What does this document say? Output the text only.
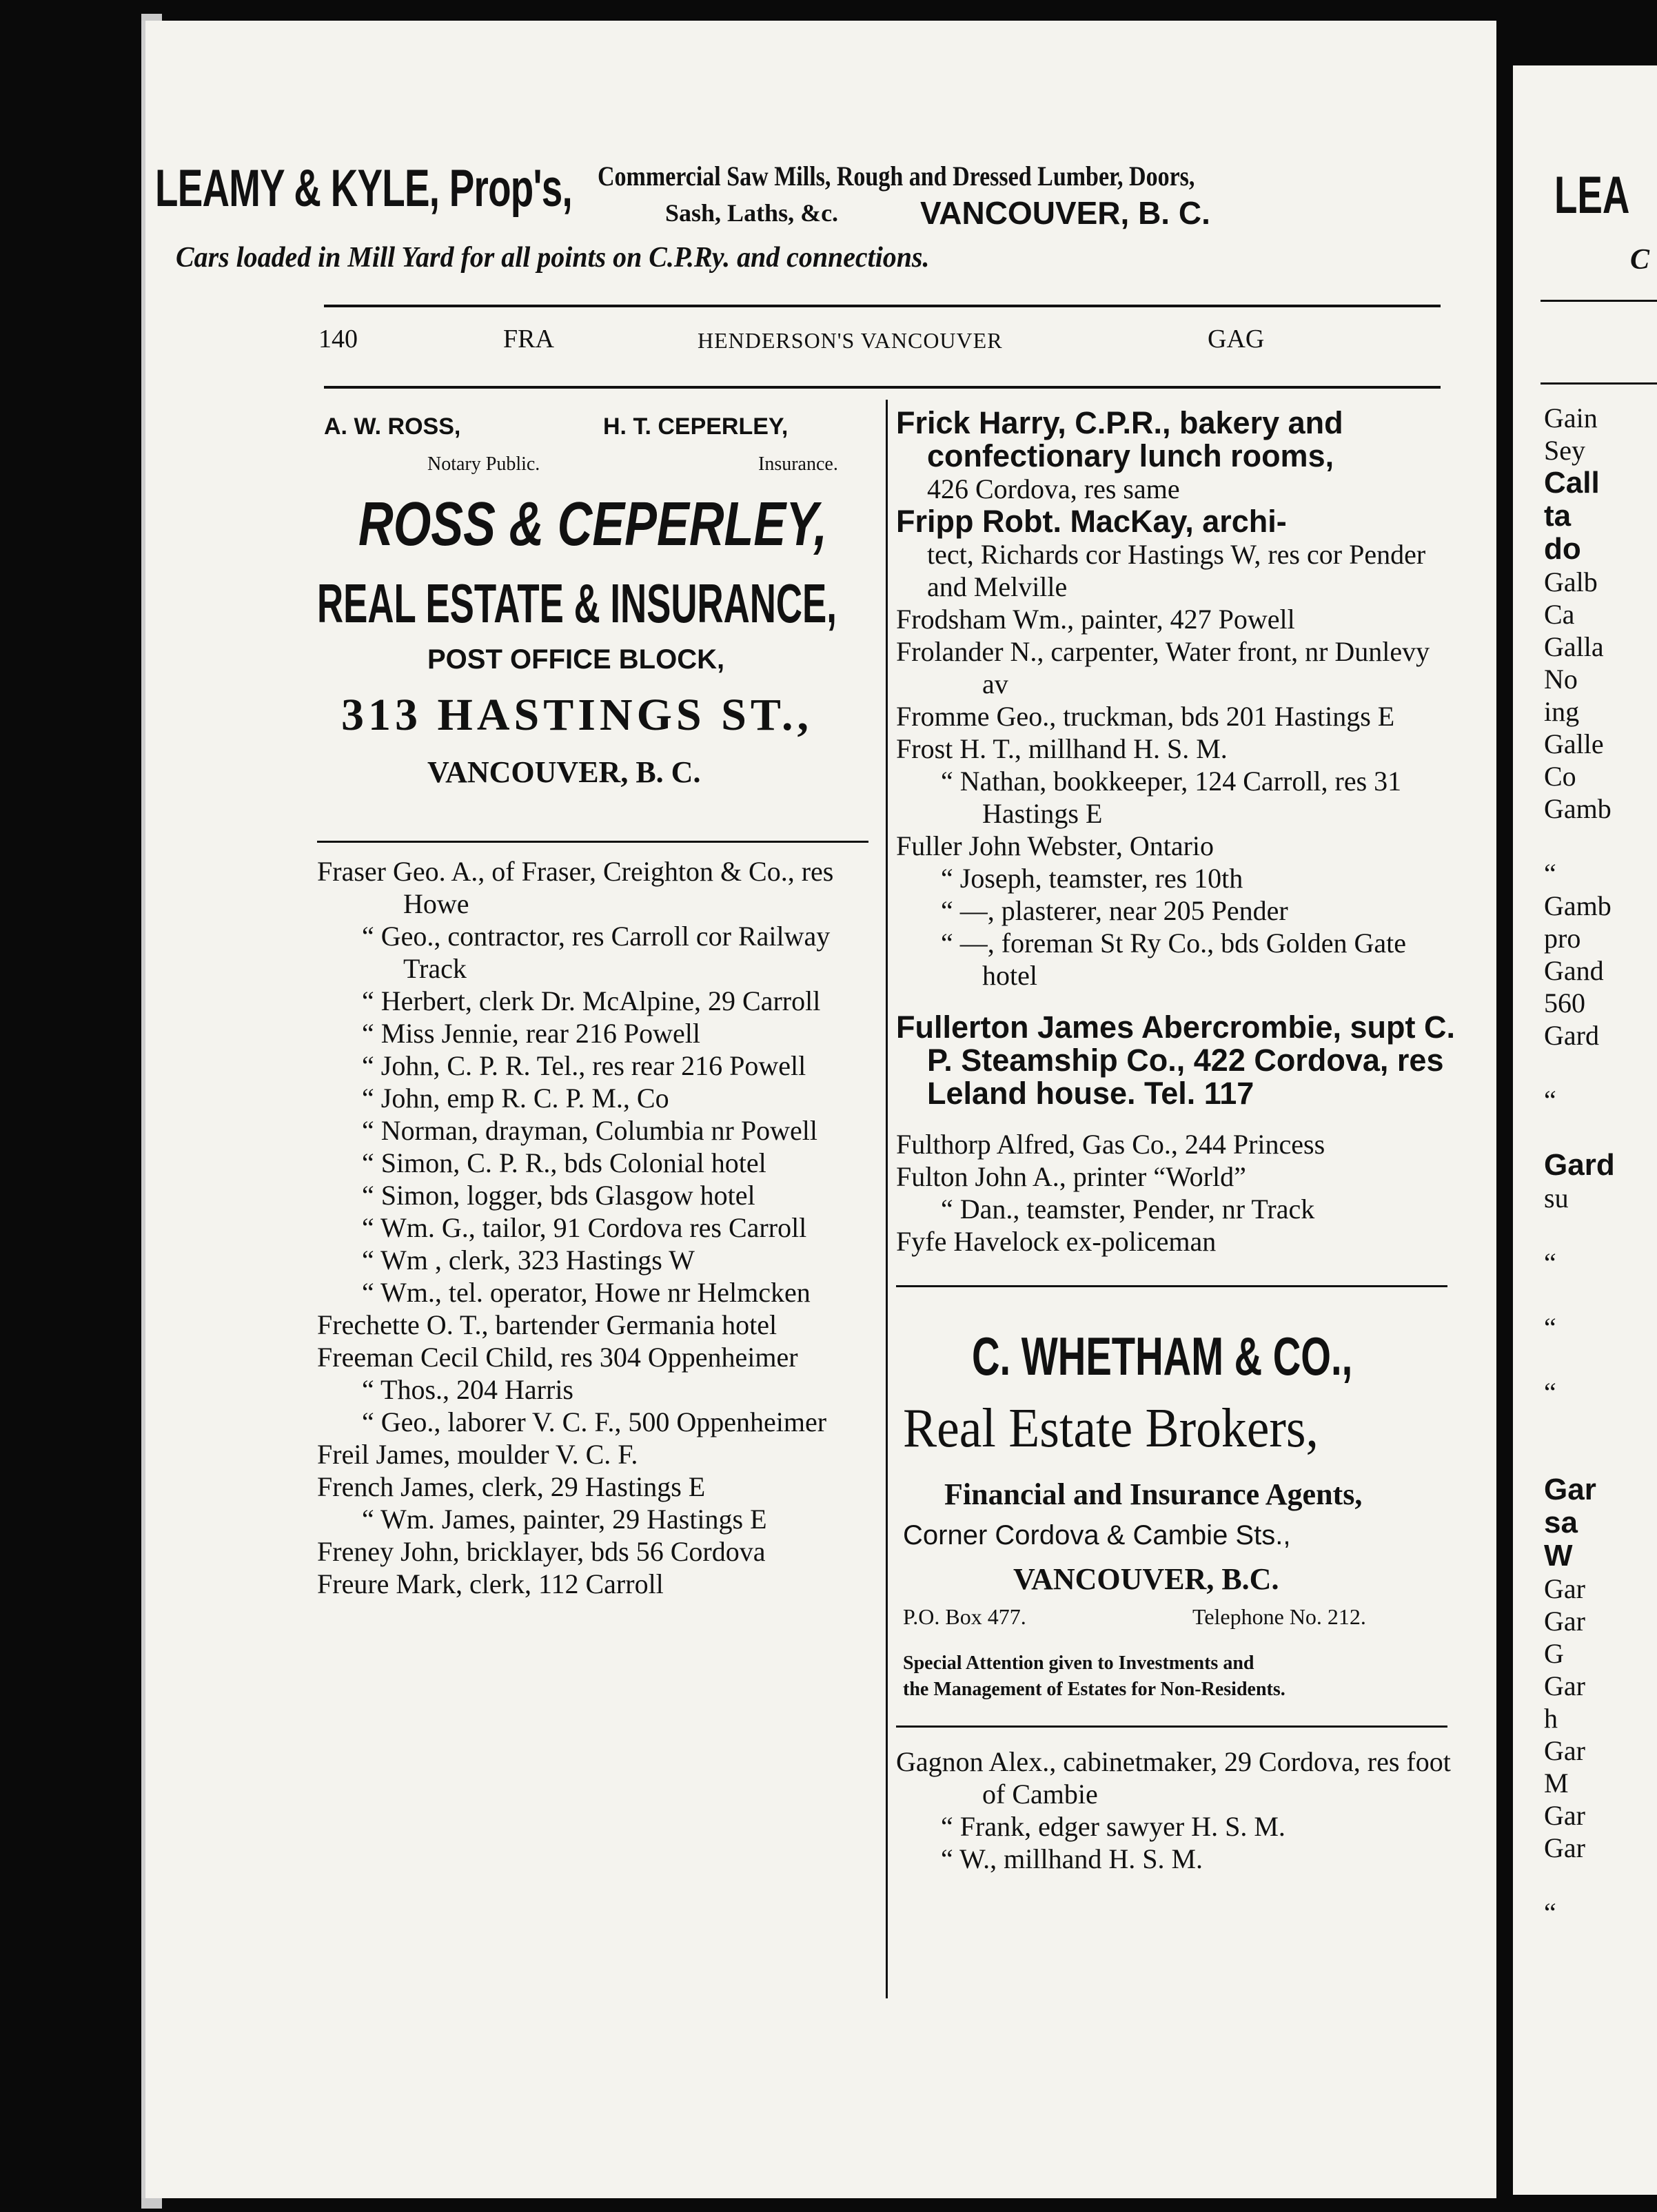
LEAMY & KYLE, Prop's, Commercial Saw Mills, Rough and Dressed Lumber, Doors,
Sash, Laths, &c.	VANCOUVER, B. C.
Cars loaded in Mill Yard for all points on C.P.Ry. and connections.
140	FRA	HENDERSON'S VANCOUVER	GAG
A. W. ROSS,	H. T. CEPERLEY,
Notary Public.	Insurance.
ROSS & CEPERLEY,
REAL ESTATE & INSURANCE,
POST OFFICE BLOCK,
313 HASTINGS ST.,
VANCOUVER, B. C.

Fraser Geo. A., of Fraser, Creighton & Co., res Howe

“ Geo., contractor, res Carroll cor Railway Track

“ Herbert, clerk Dr. McAlpine, 29 Carroll

“ Miss Jennie, rear 216 Powell

“ John, C. P. R. Tel., res rear 216 Powell

“ John, emp R. C. P. M., Co

“ Norman, drayman, Columbia nr Powell

“ Simon, C. P. R., bds Colonial hotel

“ Simon, logger, bds Glasgow hotel

“ Wm. G., tailor, 91 Cordova res Carroll

“ Wm , clerk, 323 Hastings W

“ Wm., tel. operator, Howe nr Helmcken

Frechette O. T., bartender Germania hotel

Freeman Cecil Child, res 304 Oppenheimer

“ Thos., 204 Harris

“ Geo., laborer V. C. F., 500 Oppenheimer

Freil James, moulder V. C. F.

French James, clerk, 29 Hastings E

“ Wm. James, painter, 29 Hastings E

Freney John, bricklayer, bds 56 Cordova

Freure Mark, clerk, 112 Carroll

Frick Harry, C.P.R., bakery and confectionary lunch rooms,

426 Cordova, res same

Fripp Robt. MacKay, archi-

tect, Richards cor Hastings W, res cor Pender and Melville

Frodsham Wm., painter, 427 Powell

Frolander N., carpenter, Water front, nr Dunlevy av

Fromme Geo., truckman, bds 201 Hastings E

Frost H. T., millhand H. S. M.

“ Nathan, bookkeeper, 124 Carroll, res 31 Hastings E

Fuller John Webster, Ontario

“ Joseph, teamster, res 10th

“ —, plasterer, near 205 Pender

“ —, foreman St Ry Co., bds Golden Gate hotel

Fullerton James Abercrombie, supt C. P. Steamship Co., 422 Cordova, res Leland house. Tel. 117

Fulthorp Alfred, Gas Co., 244 Princess

Fulton John A., printer “World”

“ Dan., teamster, Pender, nr Track

Fyfe Havelock ex-policeman

C. WHETHAM & CO.,
Real Estate Brokers,
Financial and Insurance Agents,
Corner Cordova & Cambie Sts.,
VANCOUVER, B.C.
P.O. Box 477.	Telephone No. 212.
Special Attention given to Investments and
the Management of Estates for Non-Residents.

Gagnon Alex., cabinetmaker, 29 Cordova, res foot of Cambie

“ Frank, edger sawyer H. S. M.

“ W., millhand H. S. M.

LEA
C

Gain

Sey

Call

ta

do

Galb

Ca

Galla

No

ing

Galle

Co

Gamb

“

Gamb

pro

Gand

560

Gard

“

Gard

su

“

“

“

Gar

sa

W

Gar

Gar

G

Gar

h

Gar

M

Gar

Gar

“
